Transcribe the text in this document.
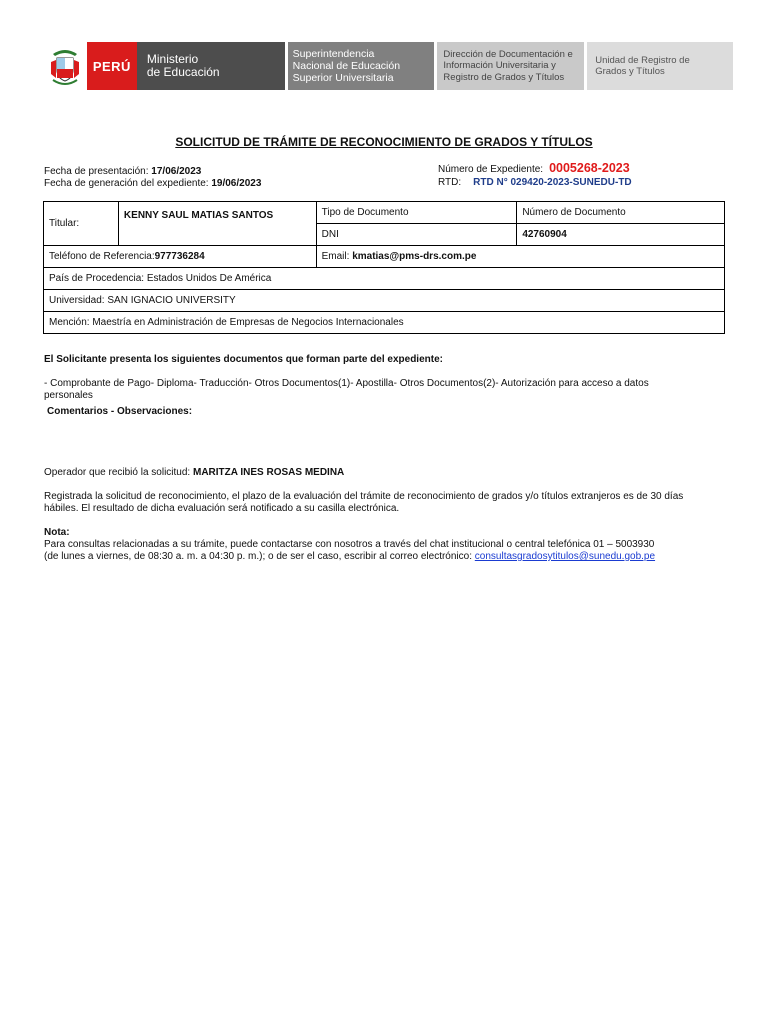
PERÚ Ministerio
de Educación
Superintendencia
Nacional de Educación
Superior Universitaria
Dirección de Documentación e
Información Universitaria y
Registro de Grados y Títulos
Unidad de Registro de
Grados y Títulos
SOLICITUD DE TRÁMITE DE RECONOCIMIENTO DE GRADOS Y TÍTULOS
Fecha de presentación: 17/06/2023
Fecha de generación del expediente: 19/06/2023
Número de Expediente: 0005268-2023
RTD: RTD N° 029420-2023-SUNEDU-TD
Titular:	KENNY SAUL MATIAS SANTOS	Tipo de Documento	Número de Documento
		DNI	42760904
Teléfono de Referencia:977736284		Email: kmatias@pms-drs.com.pe	
País de Procedencia: Estados Unidos De América			
Universidad: SAN IGNACIO UNIVERSITY			
Mención: Maestría en Administración de Empresas de Negocios Internacionales			
El Solicitante presenta los siguientes documentos que forman parte del expediente:
- Comprobante de Pago- Diploma- Traducción- Otros Documentos(1)- Apostilla- Otros Documentos(2)- Autorización para acceso a datos personales
Comentarios - Observaciones:
Operador que recibió la solicitud: MARITZA INES ROSAS MEDINA
Registrada la solicitud de reconocimiento, el plazo de la evaluación del trámite de reconocimiento de grados y/o títulos extranjeros es de 30 días hábiles. El resultado de dicha evaluación será notificado a su casilla electrónica.
Nota:
Para consultas relacionadas a su trámite, puede contactarse con nosotros a través del chat institucional o central telefónica 01 – 5003930
(de lunes a viernes, de 08:30 a. m. a 04:30 p. m.); o de ser el caso, escribir al correo electrónico: consultasgradosytitulos@sunedu.gob.pe
